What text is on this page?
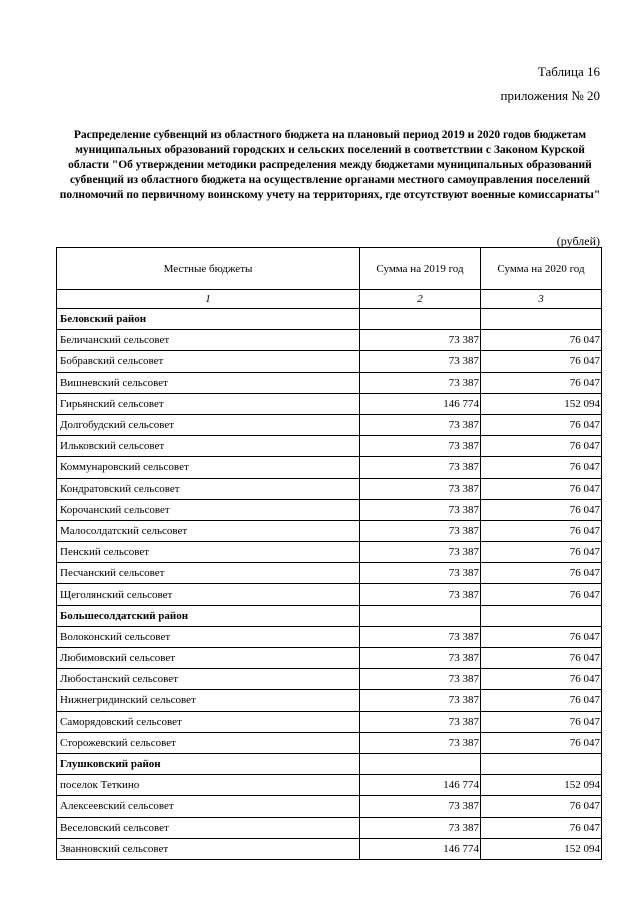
Таблица 16
приложения № 20
Распределение субвенций из областного бюджета на плановый период 2019 и 2020 годов бюджетам муниципальных образований городских и сельских поселений в соответствии с Законом Курской области "Об утверждении методики распределения между бюджетами муниципальных образований субвенций из областного бюджета на осуществление органами местного самоуправления поселений полномочий по первичному воинскому учету на территориях, где отсутствуют военные комиссариаты"
(рублей)
Местные бюджеты	Сумма на 2019 год	Сумма на 2020 год
1	2	3
Беловский район		
Беличанский сельсовет	73 387	76 047
Бобравский сельсовет	73 387	76 047
Вишневский сельсовет	73 387	76 047
Гирьянский сельсовет	146 774	152 094
Долгобудский сельсовет	73 387	76 047
Ильковский сельсовет	73 387	76 047
Коммунаровский сельсовет	73 387	76 047
Кондратовский сельсовет	73 387	76 047
Корочанский сельсовет	73 387	76 047
Малосолдатский сельсовет	73 387	76 047
Пенский сельсовет	73 387	76 047
Песчанский сельсовет	73 387	76 047
Щеголянский сельсовет	73 387	76 047
Большесолдатский район		
Волоконский сельсовет	73 387	76 047
Любимовский сельсовет	73 387	76 047
Любостанский сельсовет	73 387	76 047
Нижнегридинский сельсовет	73 387	76 047
Саморядовский сельсовет	73 387	76 047
Сторожевский сельсовет	73 387	76 047
Глушковский район		
поселок Теткино	146 774	152 094
Алексеевский сельсовет	73 387	76 047
Веселовский сельсовет	73 387	76 047
Званновский сельсовет	146 774	152 094
